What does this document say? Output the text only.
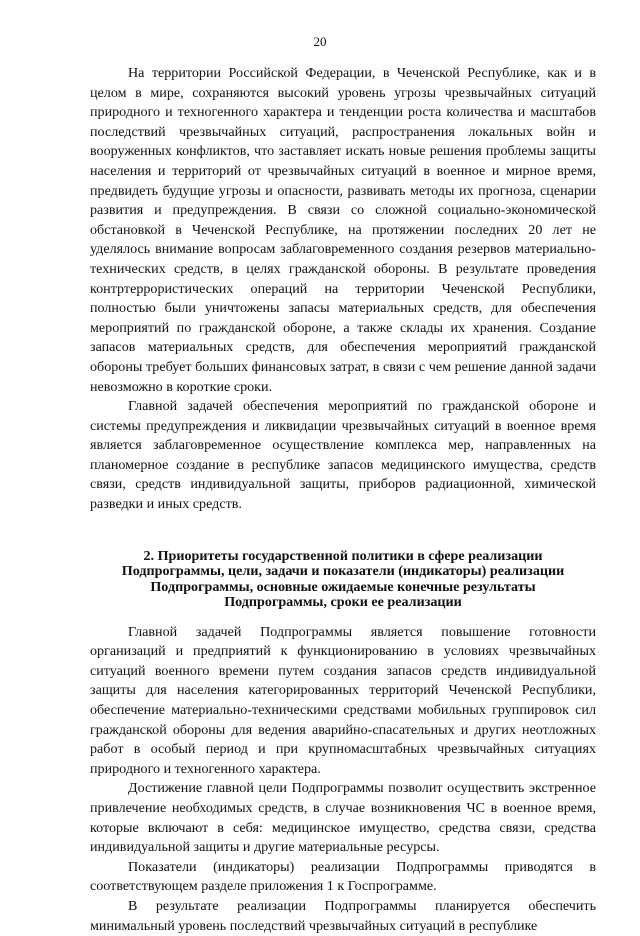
20

На территории Российской Федерации, в Чеченской Республике, как и в целом в мире, сохраняются высокий уровень угрозы чрезвычайных ситуаций природного и техногенного характера и тенденции роста количества и масштабов последствий чрезвычайных ситуаций, распространения локальных войн и вооруженных конфликтов, что заставляет искать новые решения проблемы защиты населения и территорий от чрезвычайных ситуаций в военное и мирное время, предвидеть будущие угрозы и опасности, развивать методы их прогноза, сценарии развития и предупреждения. В связи со сложной социально-экономической обстановкой в Чеченской Республике, на протяжении последних 20 лет не уделялось внимание вопросам заблаговременного создания резервов материально-технических средств, в целях гражданской обороны. В результате проведения контртеррористических операций на территории Чеченской Республики, полностью были уничтожены запасы материальных средств, для обеспечения мероприятий по гражданской обороне, а также склады их хранения. Создание запасов материальных средств, для обеспечения мероприятий гражданской обороны требует больших финансовых затрат, в связи с чем решение данной задачи невозможно в короткие сроки.

Главной задачей обеспечения мероприятий по гражданской обороне и системы предупреждения и ликвидации чрезвычайных ситуаций в военное время является заблаговременное осуществление комплекса мер, направленных на планомерное создание в республике запасов медицинского имущества, средств связи, средств индивидуальной защиты, приборов радиационной, химической разведки и иных средств.

2. Приоритеты государственной политики в сфере реализации
Подпрограммы, цели, задачи и показатели (индикаторы) реализации
Подпрограммы, основные ожидаемые конечные результаты
Подпрограммы, сроки ее реализации

Главной задачей Подпрограммы является повышение готовности организаций и предприятий к функционированию в условиях чрезвычайных ситуаций военного времени путем создания запасов средств индивидуальной защиты для населения категорированных территорий Чеченской Республики, обеспечение материально-техническими средствами мобильных группировок сил гражданской обороны для ведения аварийно-спасательных и других неотложных работ в особый период и при крупномасштабных чрезвычайных ситуациях природного и техногенного характера.

Достижение главной цели Подпрограммы позволит осуществить экстренное привлечение необходимых средств, в случае возникновения ЧС в военное время, которые включают в себя: медицинское имущество, средства связи, средства индивидуальной защиты и другие материальные ресурсы.

Показатели (индикаторы) реализации Подпрограммы приводятся в соответствующем разделе приложения 1 к Госпрограмме.

В результате реализации Подпрограммы планируется обеспечить минимальный уровень последствий чрезвычайных ситуаций в республике
